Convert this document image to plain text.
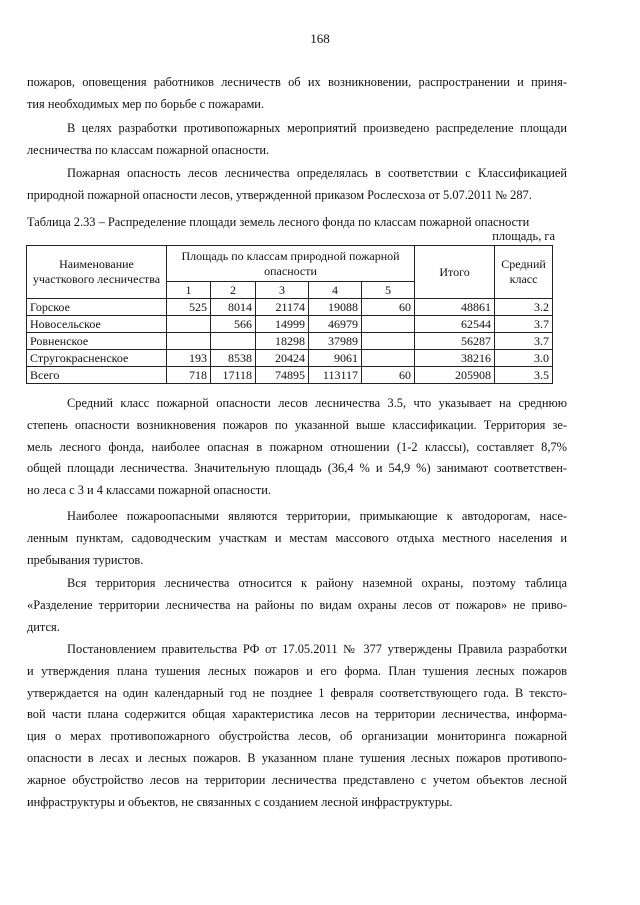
168
пожаров, оповещения работников лесничеств об их возникновении, распространении и приня-
тия необходимых мер по борьбе с пожарами.
В целях разработки противопожарных мероприятий произведено распределение площади
лесничества по классам пожарной опасности.
Пожарная опасность лесов лесничества определялась в соответствии с Классификацией
природной пожарной опасности лесов, утвержденной приказом Рослесхоза от 5.07.2011 № 287.
Таблица 2.33 – Распределение площади земель лесного фонда по классам пожарной опасности
площадь, га
Наименование участкового лесничества	Площадь по классам природной пожарной опасности					Итого	Средний класс
	1	2	3	4	5		
Горское	525	8014	21174	19088	60	48861	3.2
Новосельское		566	14999	46979		62544	3.7
Ровненское			18298	37989		56287	3.7
Стругокрасненское	193	8538	20424	9061		38216	3.0
Всего	718	17118	74895	113117	60	205908	3.5
Средний класс пожарной опасности лесов лесничества 3.5, что указывает на среднюю
степень опасности возникновения пожаров по указанной выше классификации. Территория зе-
мель лесного фонда, наиболее опасная в пожарном отношении (1-2 классы), составляет 8,7%
общей площади лесничества. Значительную площадь (36,4 % и 54,9 %) занимают соответствен-
но леса с 3 и 4 классами пожарной опасности.
Наиболее пожароопасными являются территории, примыкающие к автодорогам, насе-
ленным пунктам, садоводческим участкам и местам массового отдыха местного населения и
пребывания туристов.
Вся территория лесничества относится к району наземной охраны, поэтому таблица
«Разделение территории лесничества на районы по видам охраны лесов от пожаров» не приво-
дится.
Постановлением правительства РФ от 17.05.2011 № 377 утверждены Правила разработки
и утверждения плана тушения лесных пожаров и его форма. План тушения лесных пожаров
утверждается на один календарный год не позднее 1 февраля соответствующего года. В тексто-
вой части плана содержится общая характеристика лесов на территории лесничества, информа-
ция о мерах противопожарного обустройства лесов, об организации мониторинга пожарной
опасности в лесах и лесных пожаров. В указанном плане тушения лесных пожаров противопо-
жарное обустройство лесов на территории лесничества представлено с учетом объектов лесной
инфраструктуры и объектов, не связанных с созданием лесной инфраструктуры.
